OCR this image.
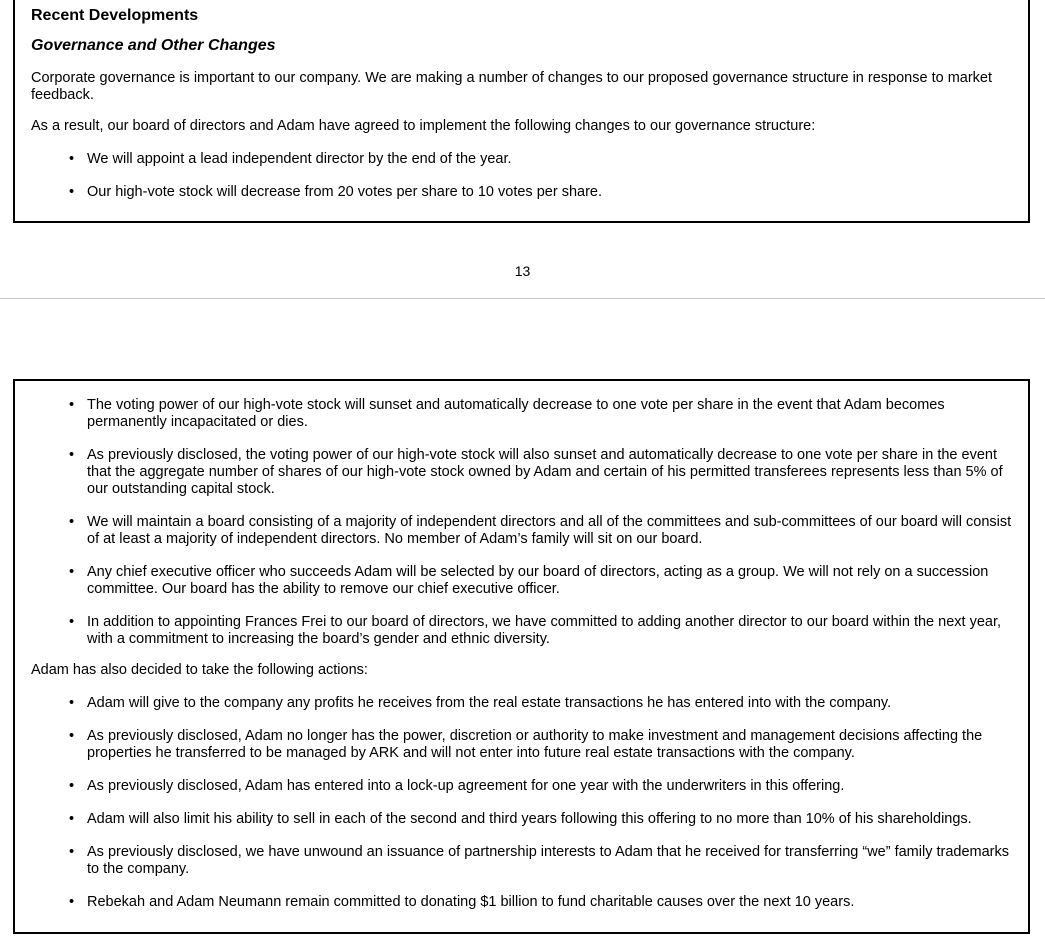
Recent Developments
Governance and Other Changes
Corporate governance is important to our company. We are making a number of changes to our proposed governance structure in response to market feedback.
As a result, our board of directors and Adam have agreed to implement the following changes to our governance structure:
• We will appoint a lead independent director by the end of the year.
• Our high-vote stock will decrease from 20 votes per share to 10 votes per share.
13
• The voting power of our high-vote stock will sunset and automatically decrease to one vote per share in the event that Adam becomes permanently incapacitated or dies.
• As previously disclosed, the voting power of our high-vote stock will also sunset and automatically decrease to one vote per share in the event that the aggregate number of shares of our high-vote stock owned by Adam and certain of his permitted transferees represents less than 5% of our outstanding capital stock.
• We will maintain a board consisting of a majority of independent directors and all of the committees and sub-committees of our board will consist of at least a majority of independent directors. No member of Adam’s family will sit on our board.
• Any chief executive officer who succeeds Adam will be selected by our board of directors, acting as a group. We will not rely on a succession committee. Our board has the ability to remove our chief executive officer.
• In addition to appointing Frances Frei to our board of directors, we have committed to adding another director to our board within the next year, with a commitment to increasing the board’s gender and ethnic diversity.
Adam has also decided to take the following actions:
• Adam will give to the company any profits he receives from the real estate transactions he has entered into with the company.
• As previously disclosed, Adam no longer has the power, discretion or authority to make investment and management decisions affecting the properties he transferred to be managed by ARK and will not enter into future real estate transactions with the company.
• As previously disclosed, Adam has entered into a lock-up agreement for one year with the underwriters in this offering.
• Adam will also limit his ability to sell in each of the second and third years following this offering to no more than 10% of his shareholdings.
• As previously disclosed, we have unwound an issuance of partnership interests to Adam that he received for transferring “we” family trademarks to the company.
• Rebekah and Adam Neumann remain committed to donating $1 billion to fund charitable causes over the next 10 years.
